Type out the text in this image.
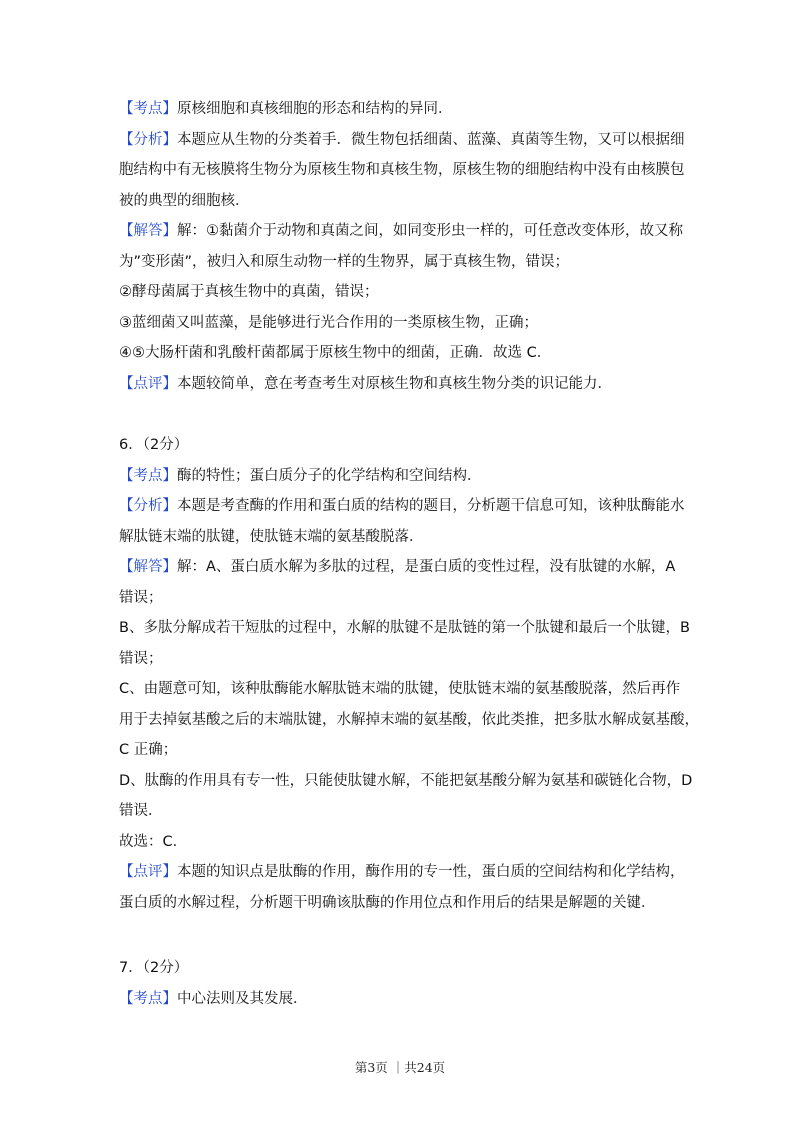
【考点】原核细胞和真核细胞的形态和结构的异同．
【分析】本题应从生物的分类着手．微生物包括细菌、蓝藻、真菌等生物，又可以根据细
胞结构中有无核膜将生物分为原核生物和真核生物，原核生物的细胞结构中没有由核膜包
被的典型的细胞核．
【解答】解：①黏菌介于动物和真菌之间，如同变形虫一样的，可任意改变体形，故又称
为”变形菌”，被归入和原生动物一样的生物界，属于真核生物，错误；
②酵母菌属于真核生物中的真菌，错误；
③蓝细菌又叫蓝藻，是能够进行光合作用的一类原核生物，正确；
④⑤大肠杆菌和乳酸杆菌都属于原核生物中的细菌，正确．故选 C．
【点评】本题较简单，意在考查考生对原核生物和真核生物分类的识记能力．
6．（2分）
【考点】酶的特性；蛋白质分子的化学结构和空间结构．
【分析】本题是考查酶的作用和蛋白质的结构的题目，分析题干信息可知，该种肽酶能水
解肽链末端的肽键，使肽链末端的氨基酸脱落．
【解答】解：A、蛋白质水解为多肽的过程，是蛋白质的变性过程，没有肽键的水解，A
错误；
B、多肽分解成若干短肽的过程中，水解的肽键不是肽链的第一个肽键和最后一个肽键，B
错误；
C、由题意可知，该种肽酶能水解肽链末端的肽键，使肽链末端的氨基酸脱落，然后再作
用于去掉氨基酸之后的末端肽键，水解掉末端的氨基酸，依此类推，把多肽水解成氨基酸，
C 正确；
D、肽酶的作用具有专一性，只能使肽键水解，不能把氨基酸分解为氨基和碳链化合物，D
错误．
故选：C．
【点评】本题的知识点是肽酶的作用，酶作用的专一性，蛋白质的空间结构和化学结构，
蛋白质的水解过程，分析题干明确该肽酶的作用位点和作用后的结果是解题的关键．
7．（2分）
【考点】中心法则及其发展．
第3页 ｜共24页
